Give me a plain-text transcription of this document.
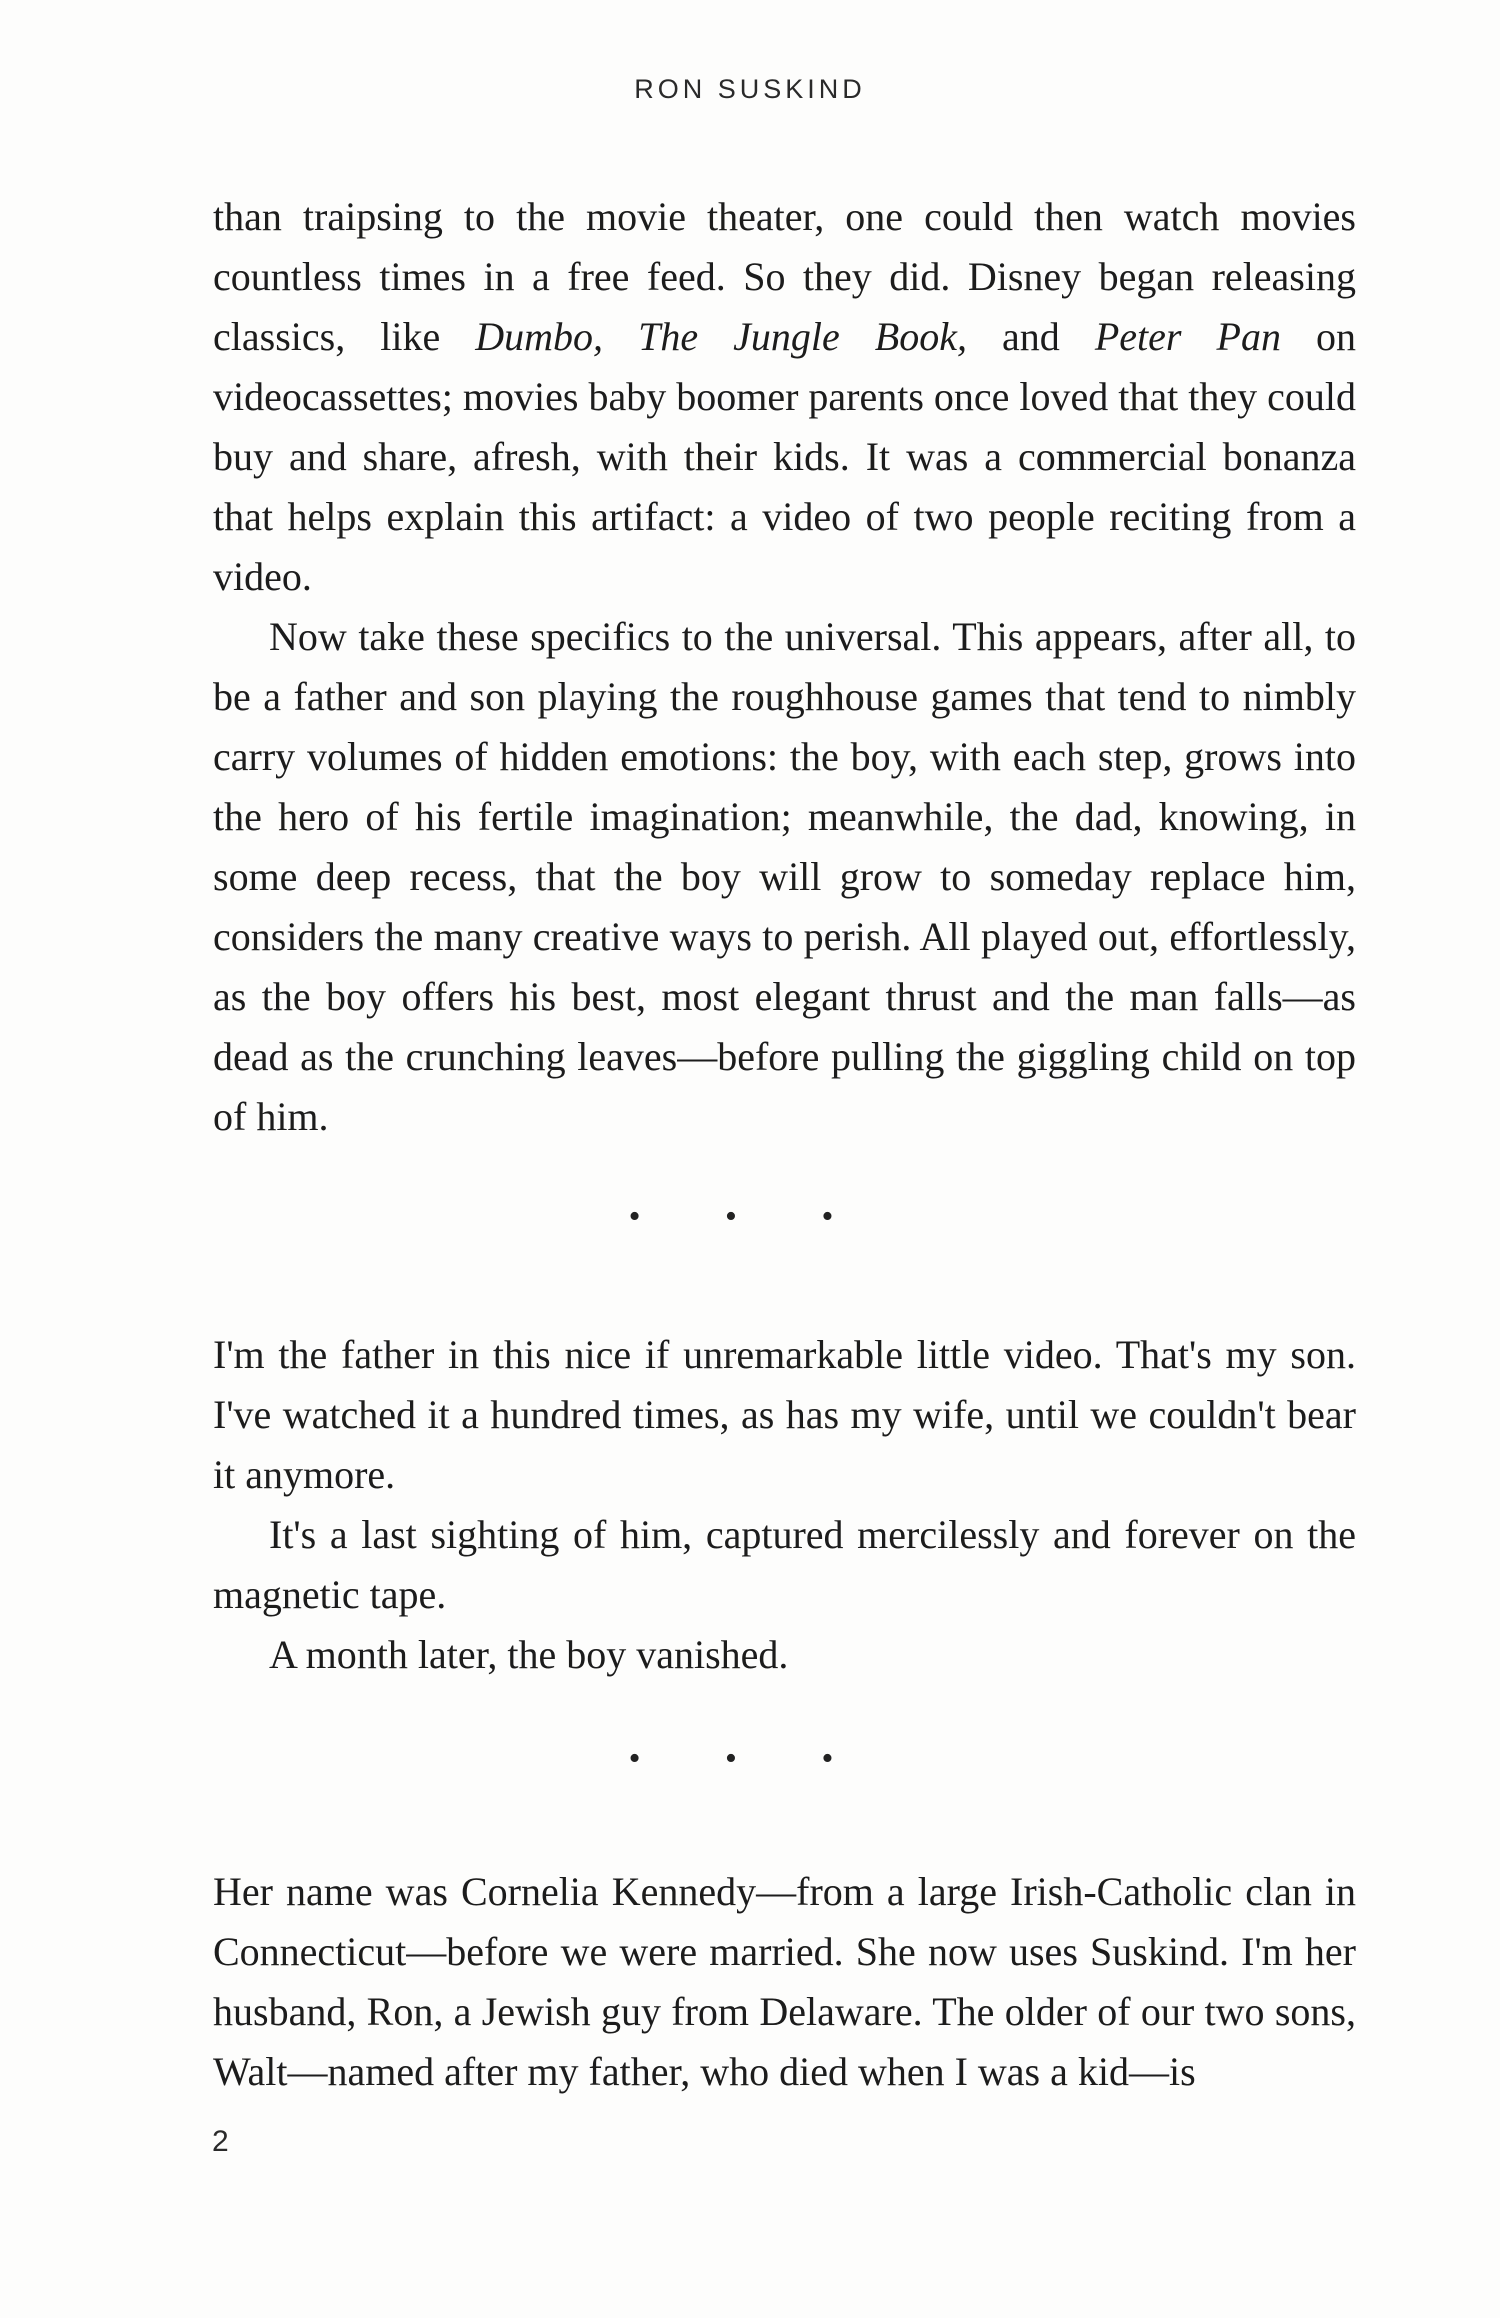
RON SUSKIND

than traipsing to the movie theater, one could then watch movies countless times in a free feed. So they did. Disney began releasing classics, like Dumbo, The Jungle Book, and Peter Pan on videocassettes; movies baby boomer parents once loved that they could buy and share, afresh, with their kids. It was a commercial bonanza that helps explain this artifact: a video of two people reciting from a video.

Now take these specifics to the universal. This appears, after all, to be a father and son playing the roughhouse games that tend to nimbly carry volumes of hidden emotions: the boy, with each step, grows into the hero of his fertile imagination; meanwhile, the dad, knowing, in some deep recess, that the boy will grow to someday replace him, considers the many creative ways to perish. All played out, effortlessly, as the boy offers his best, most elegant thrust and the man falls—as dead as the crunching leaves—before pulling the giggling child on top of him.

• • •

I'm the father in this nice if unremarkable little video. That's my son. I've watched it a hundred times, as has my wife, until we couldn't bear it anymore.

It's a last sighting of him, captured mercilessly and forever on the magnetic tape.

A month later, the boy vanished.

• • •

Her name was Cornelia Kennedy—from a large Irish-Catholic clan in Connecticut—before we were married. She now uses Suskind. I'm her husband, Ron, a Jewish guy from Delaware. The older of our two sons, Walt—named after my father, who died when I was a kid—is

2
